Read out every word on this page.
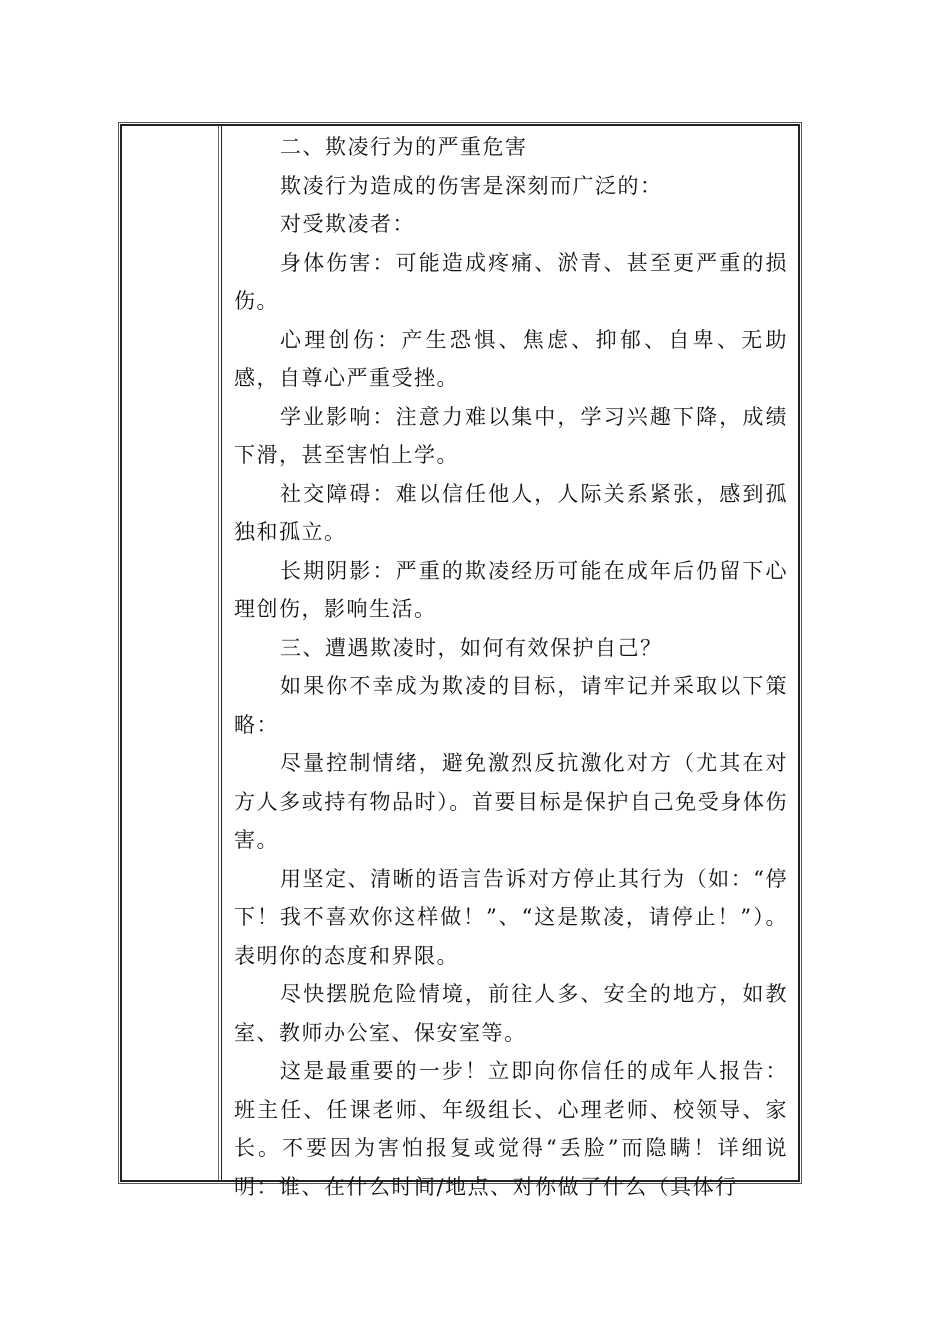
二、欺凌行为的严重危害

欺凌行为造成的伤害是深刻而广泛的：

对受欺凌者：

身体伤害：可能造成疼痛、淤青、甚至更严重的损伤。

心理创伤：产生恐惧、焦虑、抑郁、自卑、无助感，自尊心严重受挫。

学业影响：注意力难以集中，学习兴趣下降，成绩下滑，甚至害怕上学。

社交障碍：难以信任他人，人际关系紧张，感到孤独和孤立。

长期阴影：严重的欺凌经历可能在成年后仍留下心理创伤，影响生活。

三、遭遇欺凌时，如何有效保护自己？

如果你不幸成为欺凌的目标，请牢记并采取以下策略：

尽量控制情绪，避免激烈反抗激化对方（尤其在对方人多或持有物品时）。首要目标是保护自己免受身体伤害。

用坚定、清晰的语言告诉对方停止其行为（如：“停下！我不喜欢你这样做！”、“这是欺凌，请停止！”）。表明你的态度和界限。

尽快摆脱危险情境，前往人多、安全的地方，如教室、教师办公室、保安室等。

这是最重要的一步！立即向你信任的成年人报告：班主任、任课老师、年级组长、心理老师、校领导、家长。不要因为害怕报复或觉得“丢脸”而隐瞒！详细说明：谁、在什么时间/地点、对你做了什么（具体行
